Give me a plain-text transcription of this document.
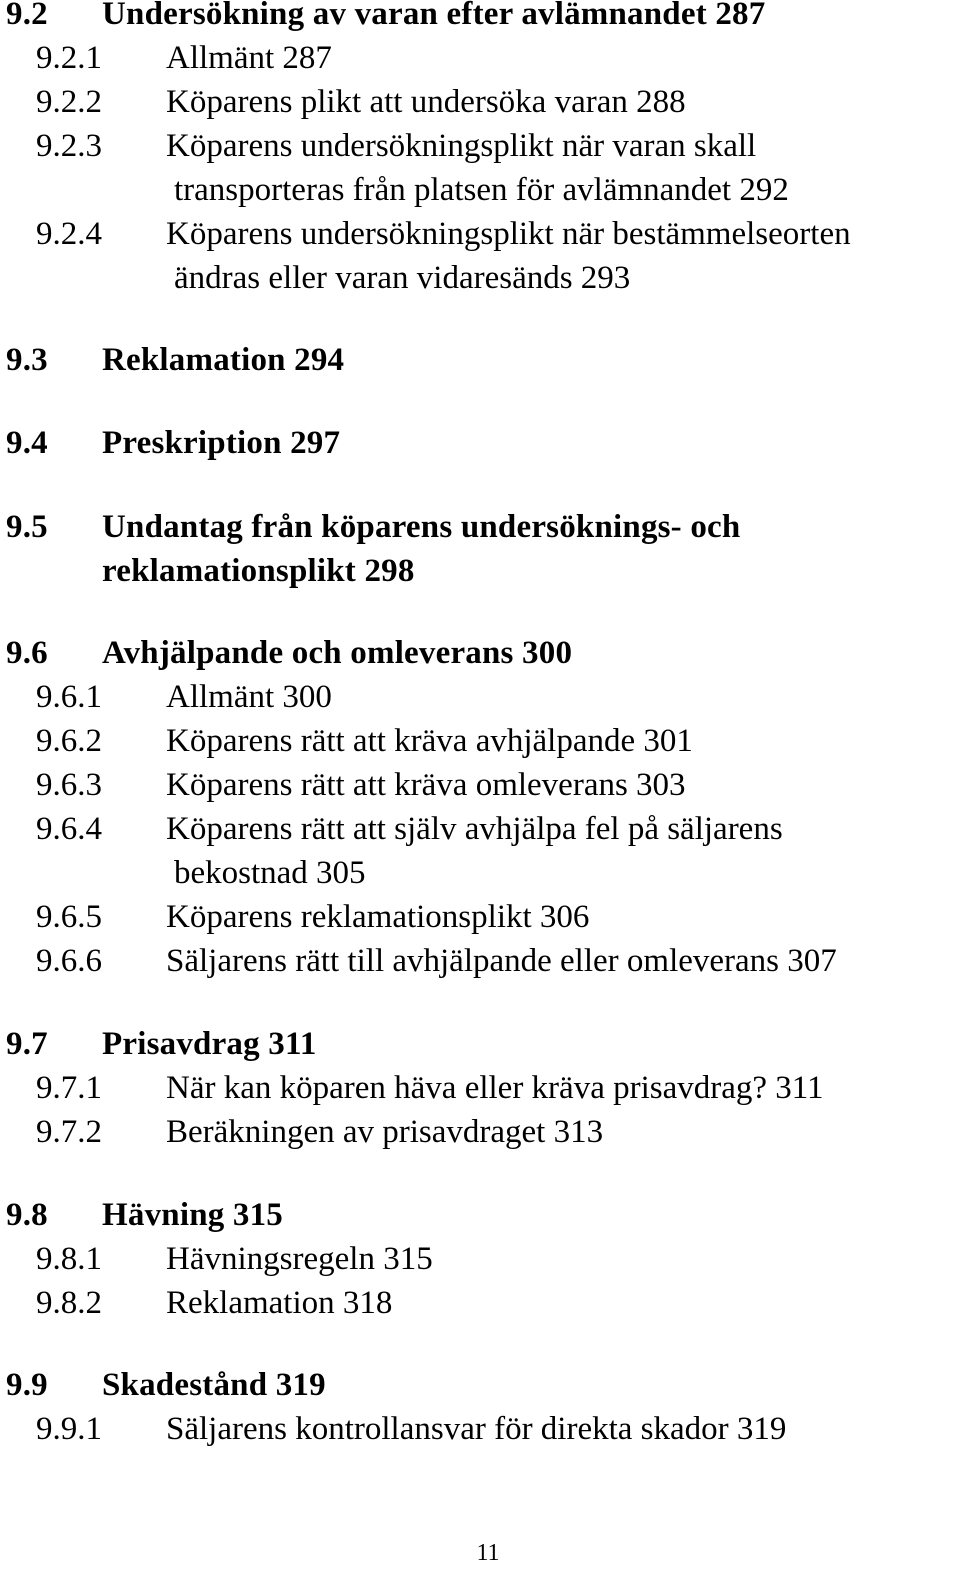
9.2 Undersökning av varan efter avlämnandet 287
9.2.1 Allmänt 287
9.2.2 Köparens plikt att undersöka varan 288
9.2.3 Köparens undersökningsplikt när varan skall
transporteras från platsen för avlämnandet 292
9.2.4 Köparens undersökningsplikt när bestämmelseorten
ändras eller varan vidaresänds 293
9.3 Reklamation 294
9.4 Preskription 297
9.5 Undantag från köparens undersöknings- och
reklamationsplikt 298
9.6 Avhjälpande och omleverans 300
9.6.1 Allmänt 300
9.6.2 Köparens rätt att kräva avhjälpande 301
9.6.3 Köparens rätt att kräva omleverans 303
9.6.4 Köparens rätt att själv avhjälpa fel på säljarens
bekostnad 305
9.6.5 Köparens reklamationsplikt 306
9.6.6 Säljarens rätt till avhjälpande eller omleverans 307
9.7 Prisavdrag 311
9.7.1 När kan köparen häva eller kräva prisavdrag? 311
9.7.2 Beräkningen av prisavdraget 313
9.8 Hävning 315
9.8.1 Hävningsregeln 315
9.8.2 Reklamation 318
9.9 Skadestånd 319
9.9.1 Säljarens kontrollansvar för direkta skador 319
11
